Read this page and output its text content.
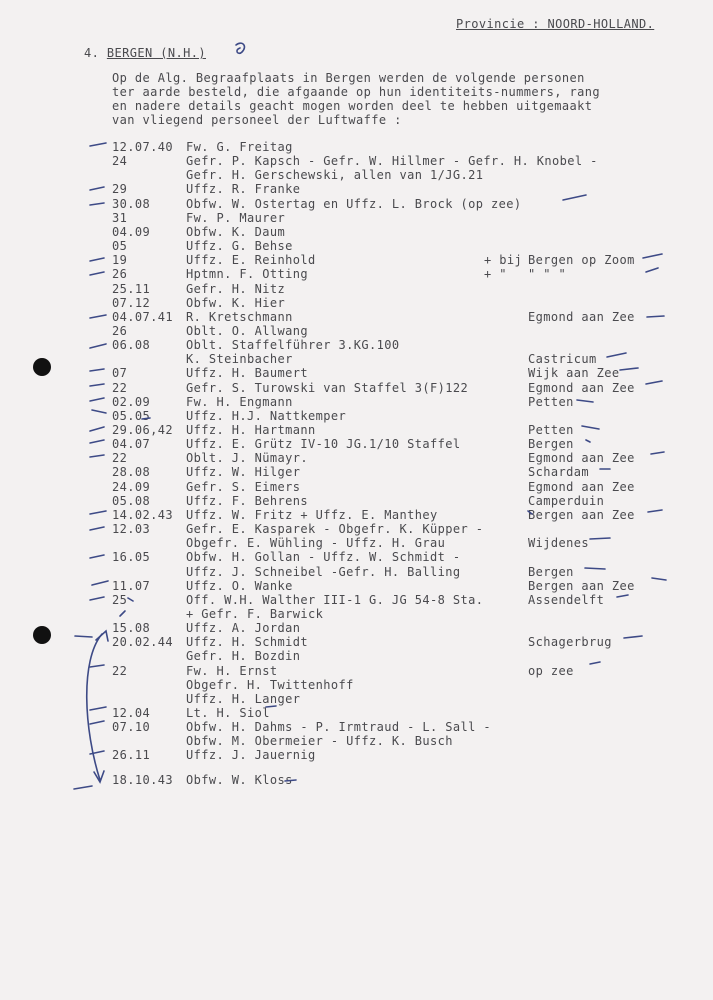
Provincie : NOORD-HOLLAND.
4. BERGEN (N.H.)
Op de Alg. Begraafplaats in Bergen werden de volgende personen
ter aarde besteld, die afgaande op hun identiteits-nummers, rang
en nadere details geacht mogen worden deel te hebben uitgemaakt
van vliegend personeel der Luftwaffe :
12.07.40 Fw. G. Freitag
24	Gefr. P. Kapsch - Gefr. W. Hillmer - Gefr. H. Knobel -
Gefr. H. Gerschewski, allen van 1/JG.21
29	Uffz. R. Franke
30.08	Obfw. W. Ostertag en Uffz. L. Brock (op zee)
31	Fw. P. Maurer
04.09	Obfw. K. Daum
05	Uffz. G. Behse
19	Uffz. E. Reinhold	+ bij Bergen op Zoom
26	Hptmn. F. Otting	+ " " " "
25.11	Gefr. H. Nitz
07.12	Obfw. K. Hier
04.07.41 R. Kretschmann	Egmond aan Zee
26	Oblt. O. Allwang
06.08	Oblt. Staffelführer 3.KG.100
K. Steinbacher	Castricum
07	Uffz. H. Baumert	Wijk aan Zee
22	Gefr. S. Turowski van Staffel 3(F)122	Egmond aan Zee
02.09	Fw. H. Engmann	Petten
05.05	Uffz. H.J. Nattkemper
29.06,42 Uffz. H. Hartmann	Petten
04.07	Uffz. E. Grütz IV-10 JG.1/10 Staffel	Bergen
22	Oblt. J. Nümayr.	Egmond aan Zee
28.08	Uffz. W. Hilger	Schardam
24.09	Gefr. S. Eimers	Egmond aan Zee
05.08	Uffz. F. Behrens	Camperduin
14.02.43 Uffz. W. Fritz + Uffz. E. Manthey	Bergen aan Zee
12.03	Gefr. E. Kasparek - Obgefr. K. Küpper -
Obgefr. E. Wühling - Uffz. H. Grau	Wijdenes
16.05	Obfw. H. Gollan - Uffz. W. Schmidt -
Uffz. J. Schneibel -Gefr. H. Balling	Bergen
11.07	Uffz. O. Wanke	Bergen aan Zee
25	Off. W.H. Walther III-1 G. JG 54-8 Sta.	Assendelft
+ Gefr. F. Barwick
15.08	Uffz. A. Jordan
20.02.44 Uffz. H. Schmidt	Schagerbrug
Gefr. H. Bozdin
22	Fw. H. Ernst	op zee
Obgefr. H. Twittenhoff
Uffz. H. Langer
12.04	Lt. H. Siol
07.10	Obfw. H. Dahms - P. Irmtraud - L. Sall -
Obfw. M. Obermeier - Uffz. K. Busch
26.11	Uffz. J. Jauernig
18.10.43 Obfw. W. Kloss
